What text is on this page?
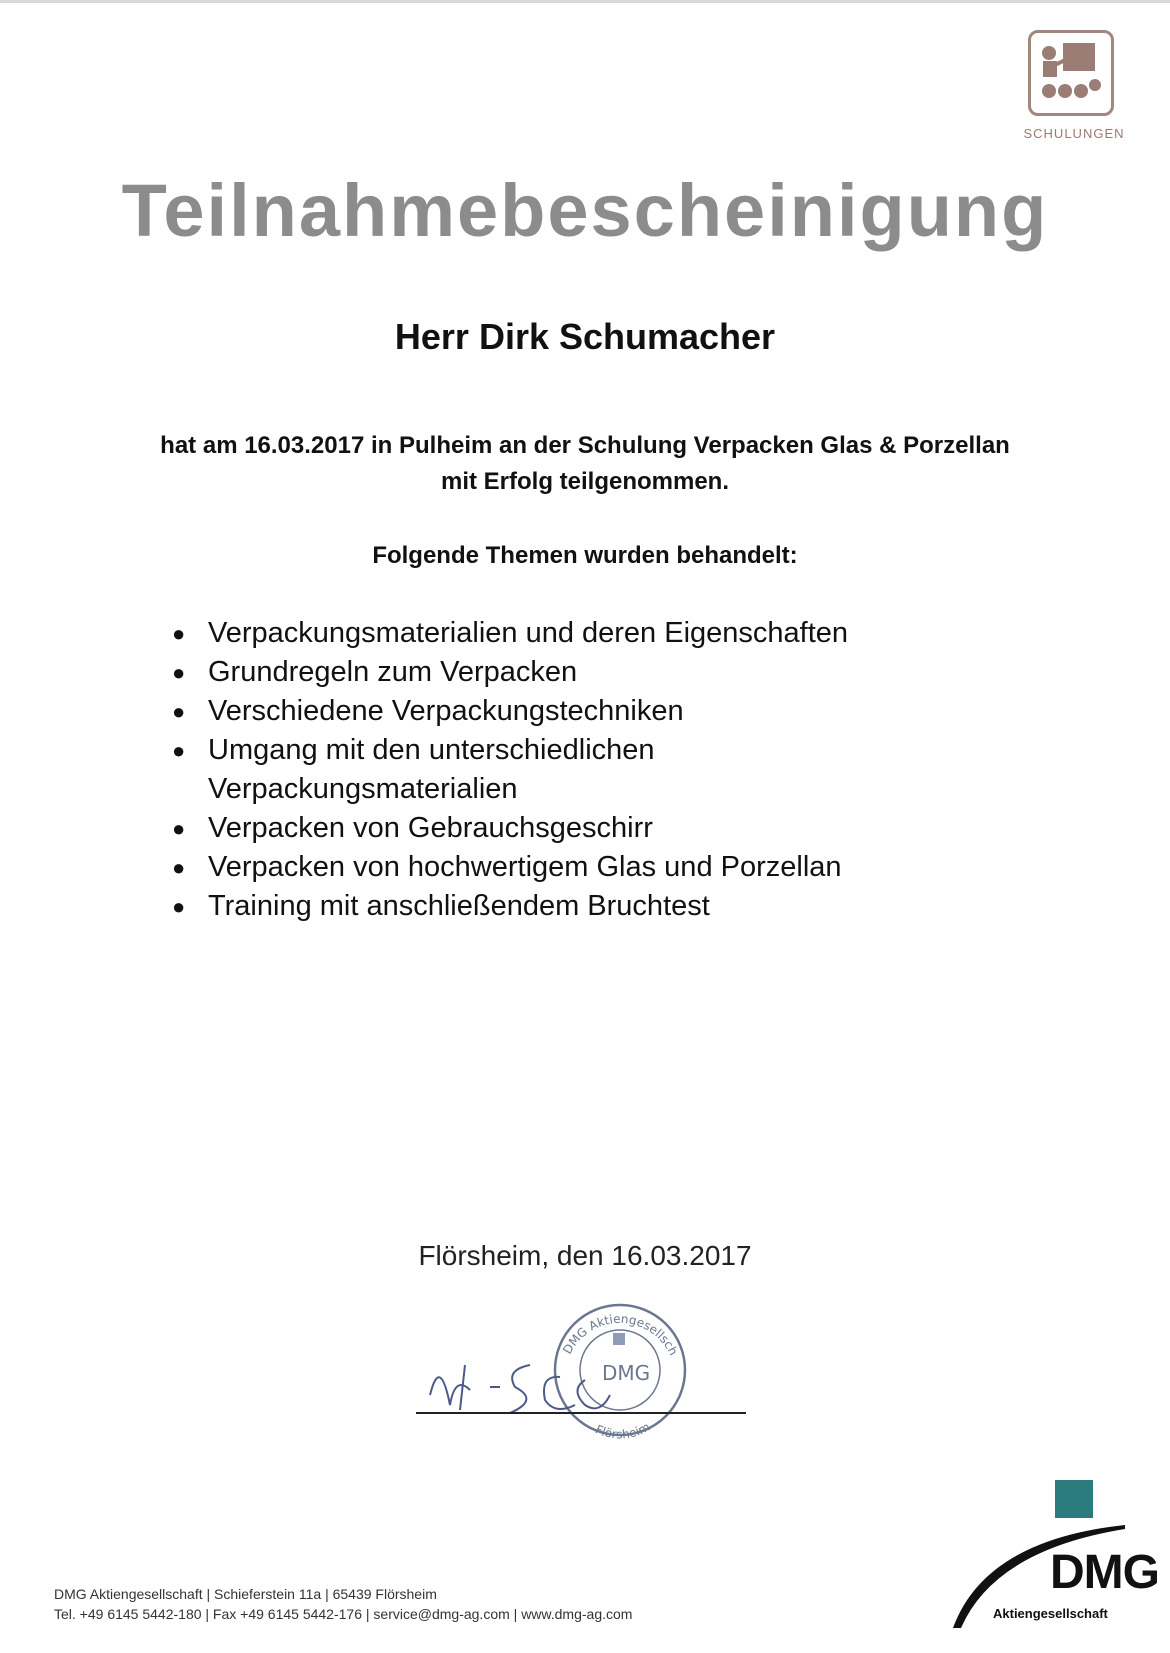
SCHULUNGEN
Teilnahmebescheinigung
Herr Dirk Schumacher
hat am 16.03.2017 in Pulheim an der Schulung Verpacken Glas & Porzellan mit Erfolg teilgenommen.
Folgende Themen wurden behandelt:
● Verpackungsmaterialien und deren Eigenschaften
● Grundregeln zum Verpacken
● Verschiedene Verpackungstechniken
● Umgang mit den unterschiedlichen Verpackungsmaterialien
● Verpacken von Gebrauchsgeschirr
● Verpacken von hochwertigem Glas und Porzellan
● Training mit anschließendem Bruchtest
Flörsheim, den 16.03.2017
DMG Aktiengesellsch
DMG
Flörsheim
DMG Aktiengesellschaft | Schieferstein 11a | 65439 Flörsheim
Tel. +49 6145 5442-180 | Fax +49 6145 5442-176 | service@dmg-ag.com | www.dmg-ag.com
DMG
Aktiengesellschaft
